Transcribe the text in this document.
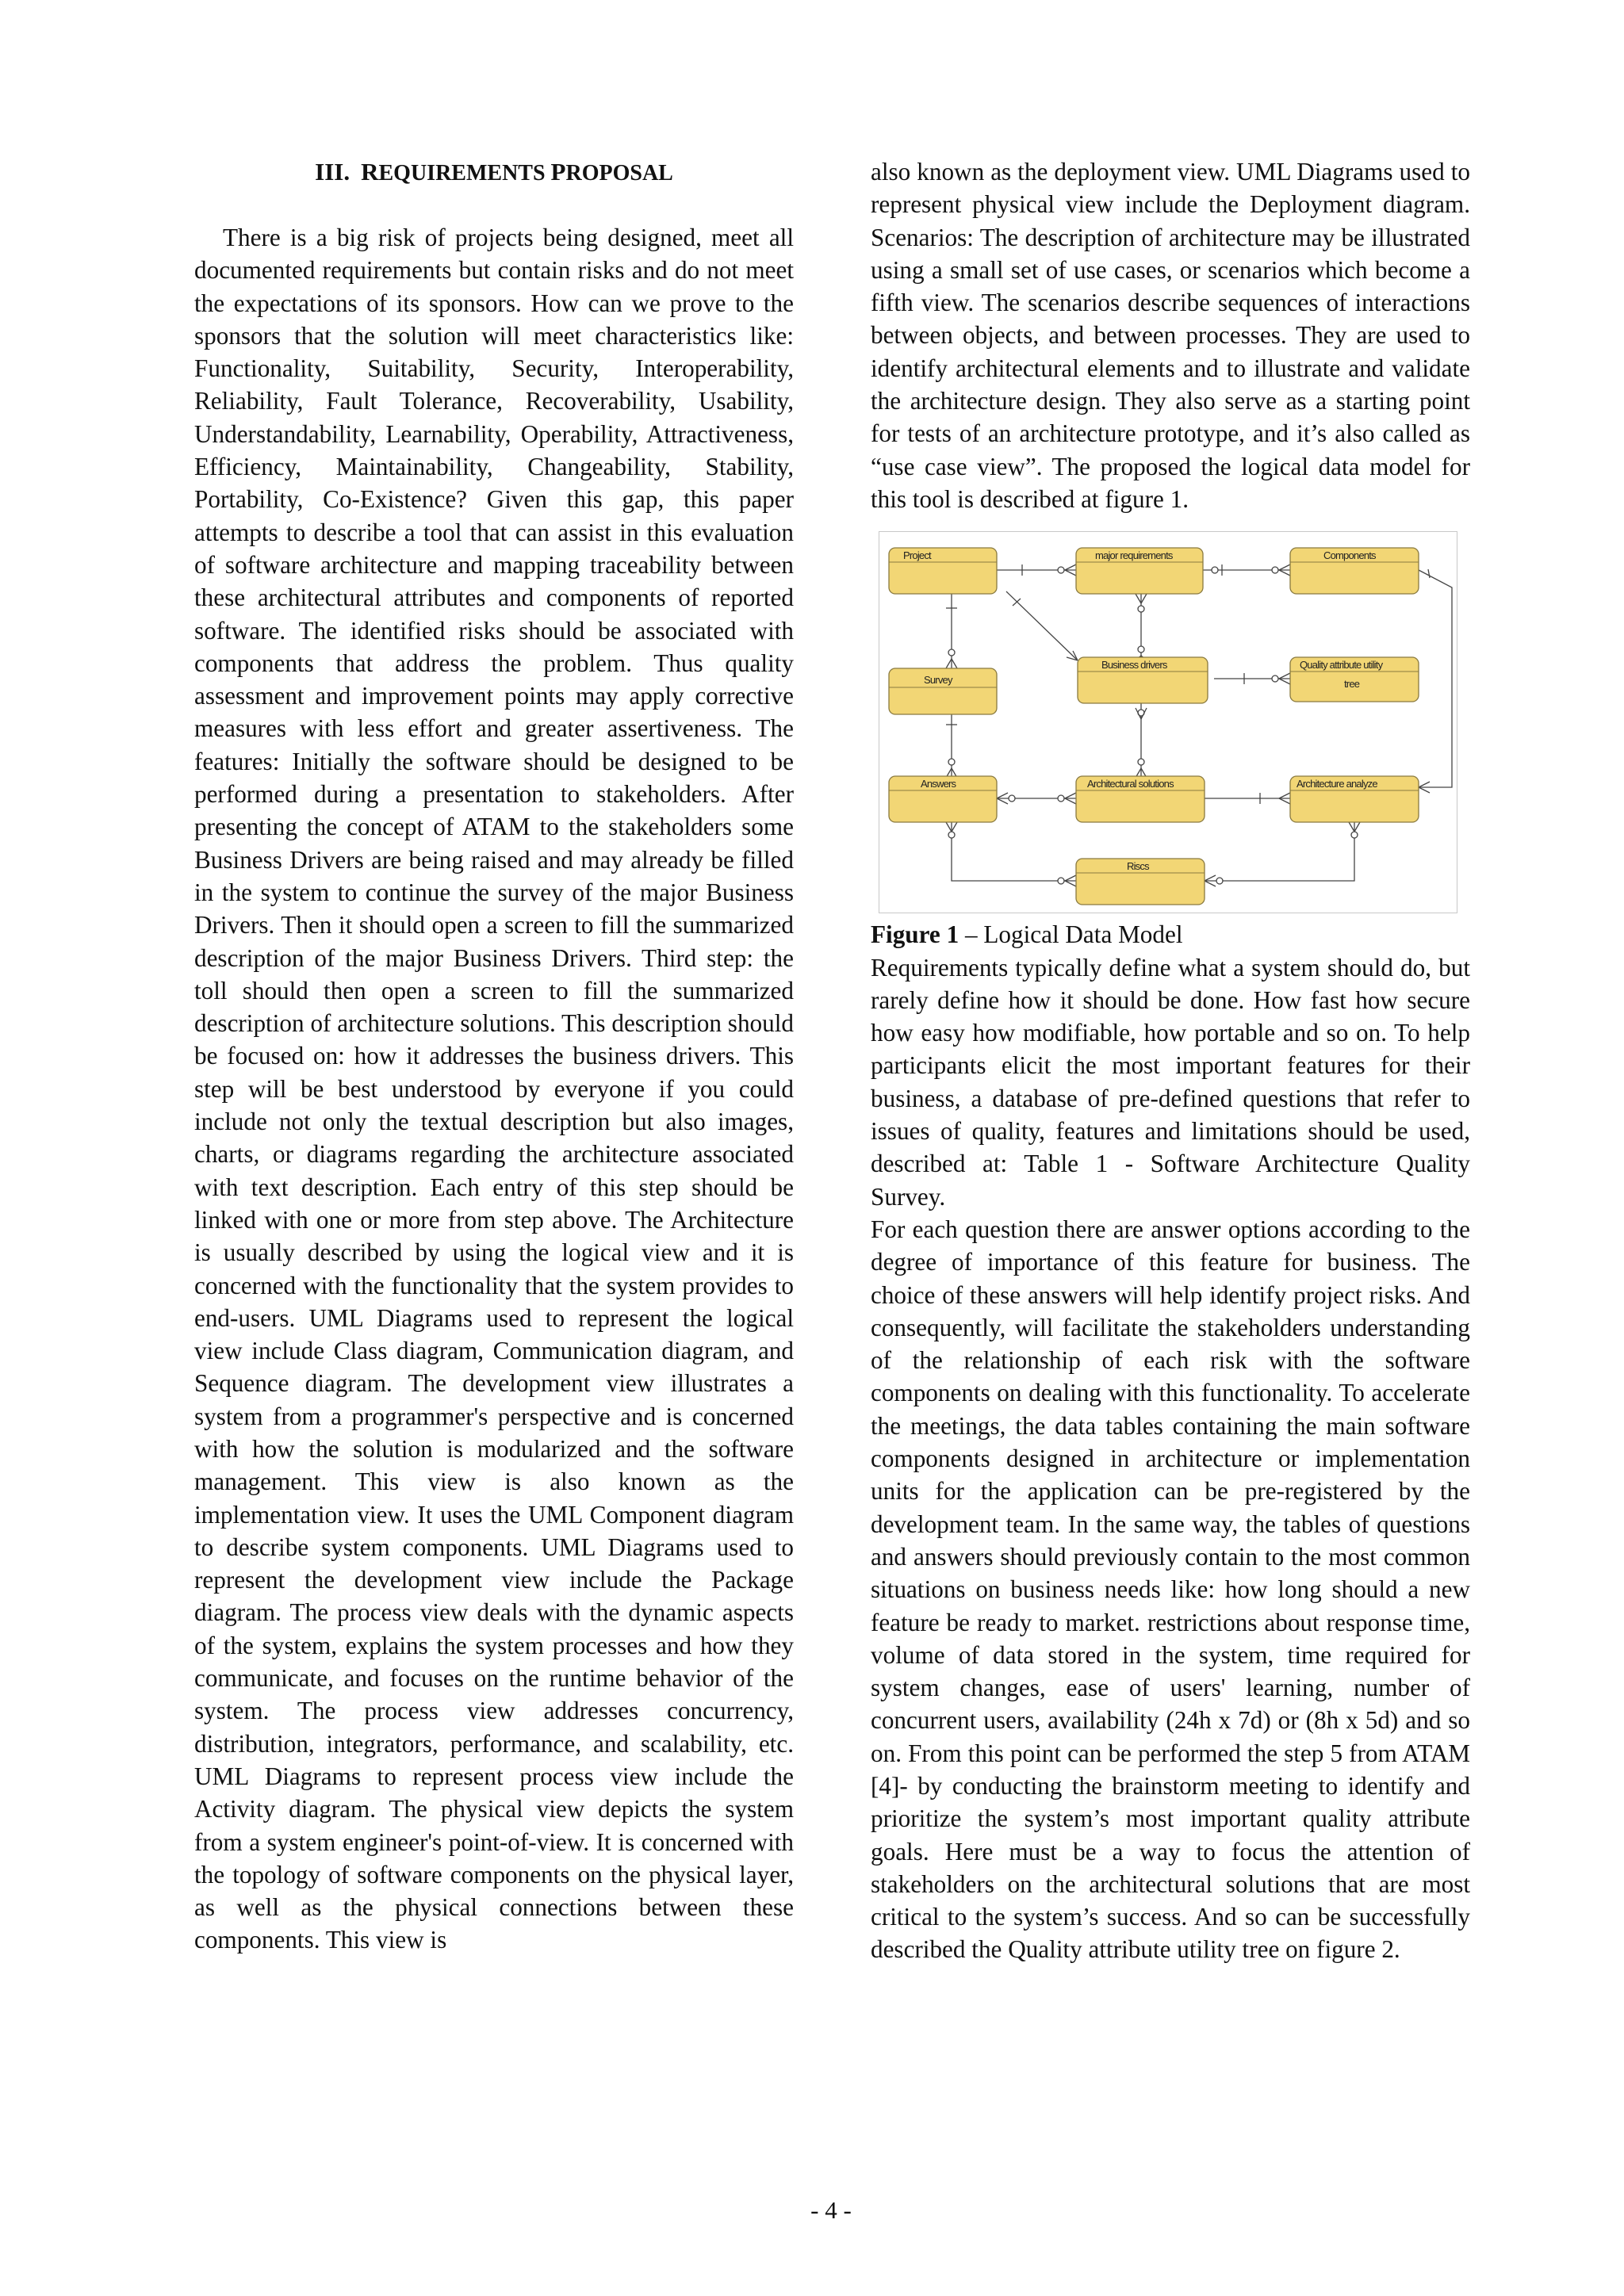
III. REQUIREMENTS PROPOSAL

There is a big risk of projects being designed, meet all documented requirements but contain risks and do not meet the expectations of its sponsors. How can we prove to the sponsors that the solution will meet characteristics like: Functionality, Suitability, Security, Interoperability, Reliability, Fault Tolerance, Recoverability, Usability, Understandability, Learnability, Operability, Attractiveness, Efficiency, Maintainability, Changeability, Stability, Portability, Co-Existence? Given this gap, this paper attempts to describe a tool that can assist in this evaluation of software architecture and mapping traceability between these architectural attributes and components of reported software. The identified risks should be associated with components that address the problem. Thus quality assessment and improvement points may apply corrective measures with less effort and greater assertiveness. The features: Initially the software should be designed to be performed during a presentation to stakeholders. After presenting the concept of ATAM to the stakeholders some Business Drivers are being raised and may already be filled in the system to continue the survey of the major Business Drivers. Then it should open a screen to fill the summarized description of the major Business Drivers. Third step: the toll should then open a screen to fill the summarized description of architecture solutions. This description should be focused on: how it addresses the business drivers. This step will be best understood by everyone if you could include not only the textual description but also images, charts, or diagrams regarding the architecture associated with text description. Each entry of this step should be linked with one or more from step above. The Architecture is usually described by using the logical view and it is concerned with the functionality that the system provides to end-users. UML Diagrams used to represent the logical view include Class diagram, Communication diagram, and Sequence diagram. The development view illustrates a system from a programmer's perspective and is concerned with how the solution is modularized and the software management. This view is also known as the implementation view. It uses the UML Component diagram to describe system components. UML Diagrams used to represent the development view include the Package diagram. The process view deals with the dynamic aspects of the system, explains the system processes and how they communicate, and focuses on the runtime behavior of the system. The process view addresses concurrency, distribution, integrators, performance, and scalability, etc. UML Diagrams to represent process view include the Activity diagram. The physical view depicts the system from a system engineer's point-of-view. It is concerned with the topology of software components on the physical layer, as well as the physical connections between these components. This view is

also known as the deployment view. UML Diagrams used to represent physical view include the Deployment diagram. Scenarios: The description of architecture may be illustrated using a small set of use cases, or scenarios which become a fifth view. The scenarios describe sequences of interactions between objects, and between processes. They are used to identify architectural elements and to illustrate and validate the architecture design. They also serve as a starting point for tests of an architecture prototype, and it’s also called as “use case view”. The proposed the logical data model for this tool is described at figure 1.

Project	major requirements	Components
Survey
Business drivers	Quality attribute utility
tree
Answers	Architectural solutions	Architecture analyze
Riscs

Figure 1 – Logical Data Model

Requirements typically define what a system should do, but rarely define how it should be done. How fast how secure how easy how modifiable, how portable and so on. To help participants elicit the most important features for their business, a database of pre-defined questions that refer to issues of quality, features and limitations should be used, described at: Table 1 - Software Architecture Quality Survey.

For each question there are answer options according to the degree of importance of this feature for business. The choice of these answers will help identify project risks. And consequently, will facilitate the stakeholders understanding of the relationship of each risk with the software components on dealing with this functionality. To accelerate the meetings, the data tables containing the main software components designed in architecture or implementation units for the application can be pre-registered by the development team. In the same way, the tables of questions and answers should previously contain to the most common situations on business needs like: how long should a new feature be ready to market. restrictions about response time, volume of data stored in the system, time required for system changes, ease of users' learning, number of concurrent users, availability (24h x 7d) or (8h x 5d) and so on. From this point can be performed the step 5 from ATAM [4]- by conducting the brainstorm meeting to identify and prioritize the system’s most important quality attribute goals. Here must be a way to focus the attention of stakeholders on the architectural solutions that are most critical to the system’s success. And so can be successfully described the Quality attribute utility tree on figure 2.

- 4 -
